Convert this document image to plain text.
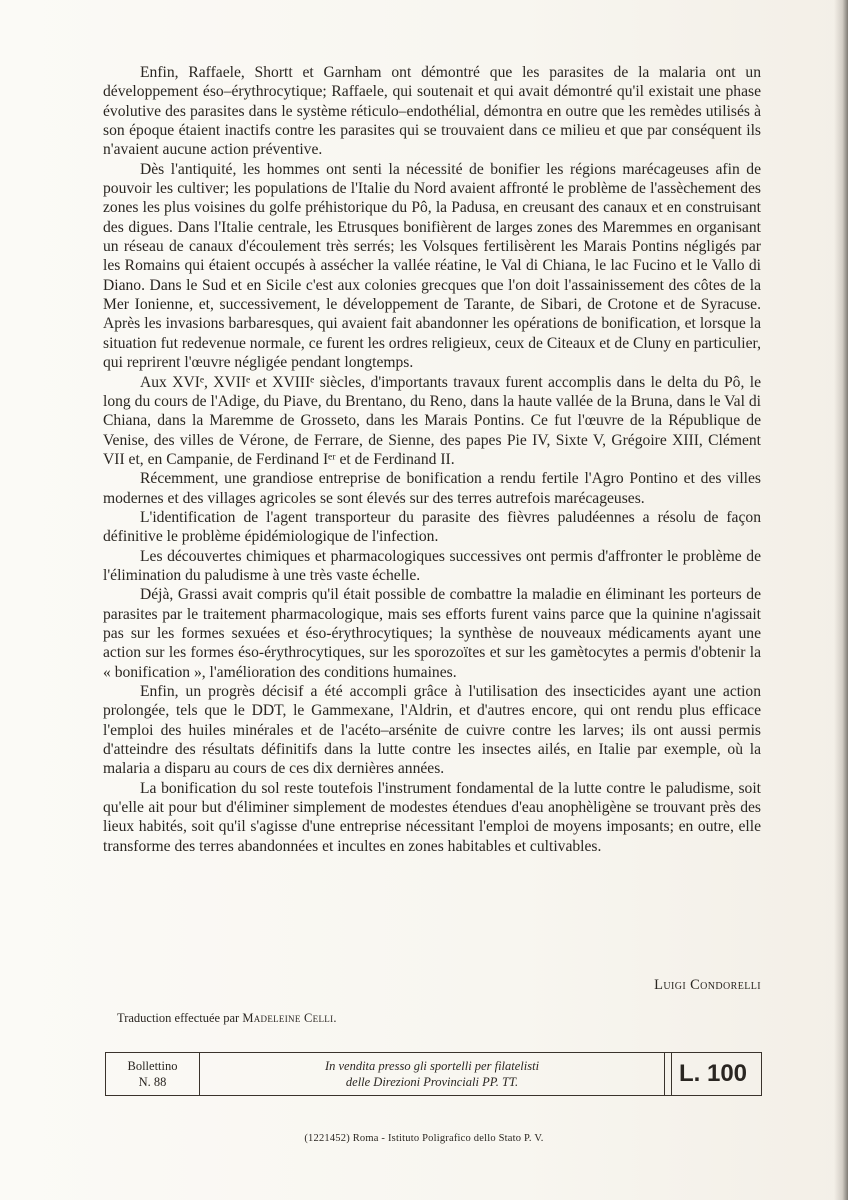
Enfin, Raffaele, Shortt et Garnham ont démontré que les parasites de la malaria ont un développement éso–érythrocytique; Raffaele, qui soutenait et qui avait démontré qu'il existait une phase évolutive des parasites dans le système réticulo–endothélial, démontra en outre que les remèdes utilisés à son époque étaient inactifs contre les parasites qui se trouvaient dans ce milieu et que par conséquent ils n'avaient aucune action préventive.

Dès l'antiquité, les hommes ont senti la nécessité de bonifier les régions marécageuses afin de pouvoir les cultiver; les populations de l'Italie du Nord avaient affronté le problème de l'assèchement des zones les plus voisines du golfe préhistorique du Pô, la Padusa, en creusant des canaux et en construisant des digues. Dans l'Italie centrale, les Etrusques bonifièrent de larges zones des Maremmes en organisant un réseau de canaux d'écoulement très serrés; les Volsques fertilisèrent les Marais Pontins négligés par les Romains qui étaient occupés à assécher la vallée réatine, le Val di Chiana, le lac Fucino et le Vallo di Diano. Dans le Sud et en Sicile c'est aux colonies grecques que l'on doit l'assainissement des côtes de la Mer Ionienne, et, successivement, le développement de Tarante, de Sibari, de Crotone et de Syracuse. Après les invasions barbaresques, qui avaient fait abandonner les opérations de bonification, et lorsque la situation fut redevenue normale, ce furent les ordres religieux, ceux de Citeaux et de Cluny en particulier, qui reprirent l'œuvre négligée pendant longtemps.

Aux XVIᵉ, XVIIᵉ et XVIIIᵉ siècles, d'importants travaux furent accomplis dans le delta du Pô, le long du cours de l'Adige, du Piave, du Brentano, du Reno, dans la haute vallée de la Bruna, dans le Val di Chiana, dans la Maremme de Grosseto, dans les Marais Pontins. Ce fut l'œuvre de la République de Venise, des villes de Vérone, de Ferrare, de Sienne, des papes Pie IV, Sixte V, Grégoire XIII, Clément VII et, en Campanie, de Ferdinand Iᵉʳ et de Ferdinand II.

Récemment, une grandiose entreprise de bonification a rendu fertile l'Agro Pontino et des villes modernes et des villages agricoles se sont élevés sur des terres autrefois marécageuses.

L'identification de l'agent transporteur du parasite des fièvres paludéennes a résolu de façon définitive le problème épidémiologique de l'infection.

Les découvertes chimiques et pharmacologiques successives ont permis d'affronter le problème de l'élimination du paludisme à une très vaste échelle.

Déjà, Grassi avait compris qu'il était possible de combattre la maladie en éliminant les porteurs de parasites par le traitement pharmacologique, mais ses efforts furent vains parce que la quinine n'agissait pas sur les formes sexuées et éso-érythrocytiques; la synthèse de nouveaux médicaments ayant une action sur les formes éso-érythrocytiques, sur les sporozoïtes et sur les gamètocytes a permis d'obtenir la « bonification », l'amélioration des conditions humaines.

Enfin, un progrès décisif a été accompli grâce à l'utilisation des insecticides ayant une action prolongée, tels que le DDT, le Gammexane, l'Aldrin, et d'autres encore, qui ont rendu plus efficace l'emploi des huiles minérales et de l'acéto–arsénite de cuivre contre les larves; ils ont aussi permis d'atteindre des résultats définitifs dans la lutte contre les insectes ailés, en Italie par exemple, où la malaria a disparu au cours de ces dix dernières années.

La bonification du sol reste toutefois l'instrument fondamental de la lutte contre le paludisme, soit qu'elle ait pour but d'éliminer simplement de modestes étendues d'eau anophèligène se trouvant près des lieux habités, soit qu'il s'agisse d'une entreprise nécessitant l'emploi de moyens imposants; en outre, elle transforme des terres abandonnées et incultes en zones habitables et cultivables.

Luigi Condorelli
Traduction effectuée par Madeleine Celli.
Bollettino
N. 88
In vendita presso gli sportelli per filatelisti
delle Direzioni Provinciali PP. TT.	L. 100
(1221452) Roma - Istituto Poligrafico dello Stato P. V.
